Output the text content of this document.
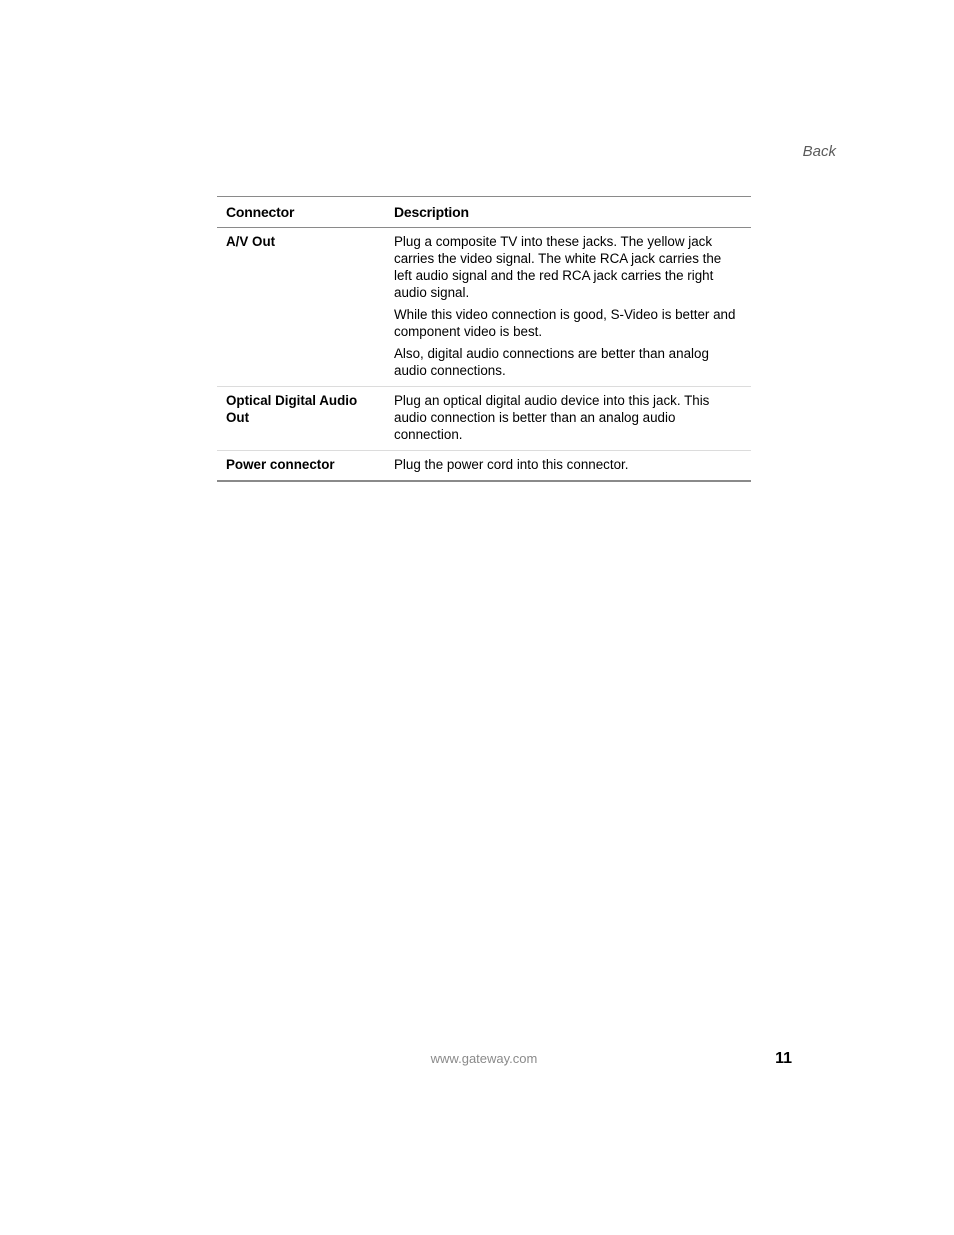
Back
Connector	Description
A/V Out	Plug a composite TV into these jacks. The yellow jack carries the video signal. The white RCA jack carries the left audio signal and the red RCA jack carries the right audio signal.

While this video connection is good, S-Video is better and component video is best.

Also, digital audio connections are better than analog audio connections.

Optical Digital Audio Out	Plug an optical digital audio device into this jack. This audio connection is better than an analog audio connection.

Power connector	Plug the power cord into this connector.

www.gateway.com	11
